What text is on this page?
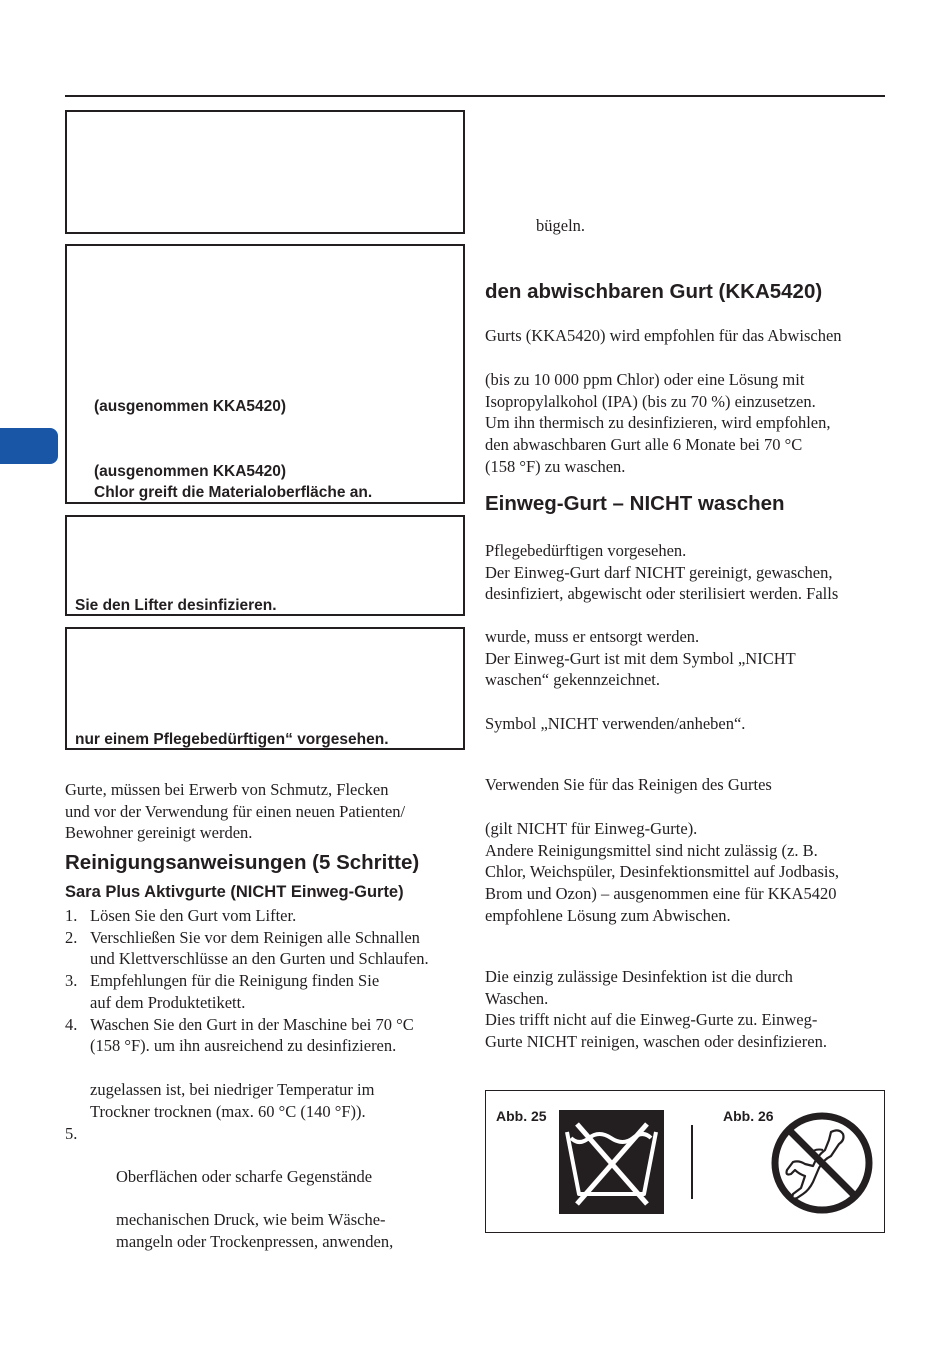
(ausgenommen KKA5420)
(ausgenommen KKA5420)
Chlor greift die Materialoberfläche an.
Sie den Lifter desinfizieren.
nur einem Pflegebedürftigen“ vorgesehen.
Gurte, müssen bei Erwerb von Schmutz, Flecken
und vor der Verwendung für einen neuen Patienten/
Bewohner gereinigt werden.
Reinigungsanweisungen (5 Schritte)
Sara Plus Aktivgurte (NICHT Einweg-Gurte)
1. Lösen Sie den Gurt vom Lifter.
2. Verschließen Sie vor dem Reinigen alle Schnallen
und Klettverschlüsse an den Gurten und Schlaufen.
3. Empfehlungen für die Reinigung finden Sie
auf dem Produktetikett.
4. Waschen Sie den Gurt in der Maschine bei 70 °C
(158 °F). um ihn ausreichend zu desinfizieren.
zugelassen ist, bei niedriger Temperatur im
Trockner trocknen (max. 60 °C (140 °F)).
5.
Oberflächen oder scharfe Gegenstände
mechanischen Druck, wie beim Wäsche-
mangeln oder Trockenpressen, anwenden,
bügeln.
den abwischbaren Gurt (KKA5420)
Gurts (KKA5420) wird empfohlen für das Abwischen
(bis zu 10 000 ppm Chlor) oder eine Lösung mit
Isopropylalkohol (IPA) (bis zu 70 %) einzusetzen.
Um ihn thermisch zu desinfizieren, wird empfohlen,
den abwaschbaren Gurt alle 6 Monate bei 70 °C
(158 °F) zu waschen.
Einweg-Gurt – NICHT waschen
Pflegebedürftigen vorgesehen.
Der Einweg-Gurt darf NICHT gereinigt, gewaschen,
desinfiziert, abgewischt oder sterilisiert werden. Falls
wurde, muss er entsorgt werden.
Der Einweg-Gurt ist mit dem Symbol „NICHT
waschen“ gekennzeichnet.
Symbol „NICHT verwenden/anheben“.
Verwenden Sie für das Reinigen des Gurtes
(gilt NICHT für Einweg-Gurte).
Andere Reinigungsmittel sind nicht zulässig (z. B.
Chlor, Weichspüler, Desinfektionsmittel auf Jodbasis,
Brom und Ozon) – ausgenommen eine für KKA5420
empfohlene Lösung zum Abwischen.
Die einzig zulässige Desinfektion ist die durch
Waschen.
Dies trifft nicht auf die Einweg-Gurte zu. Einweg-
Gurte NICHT reinigen, waschen oder desinfizieren.
Abb. 25	Abb. 26
